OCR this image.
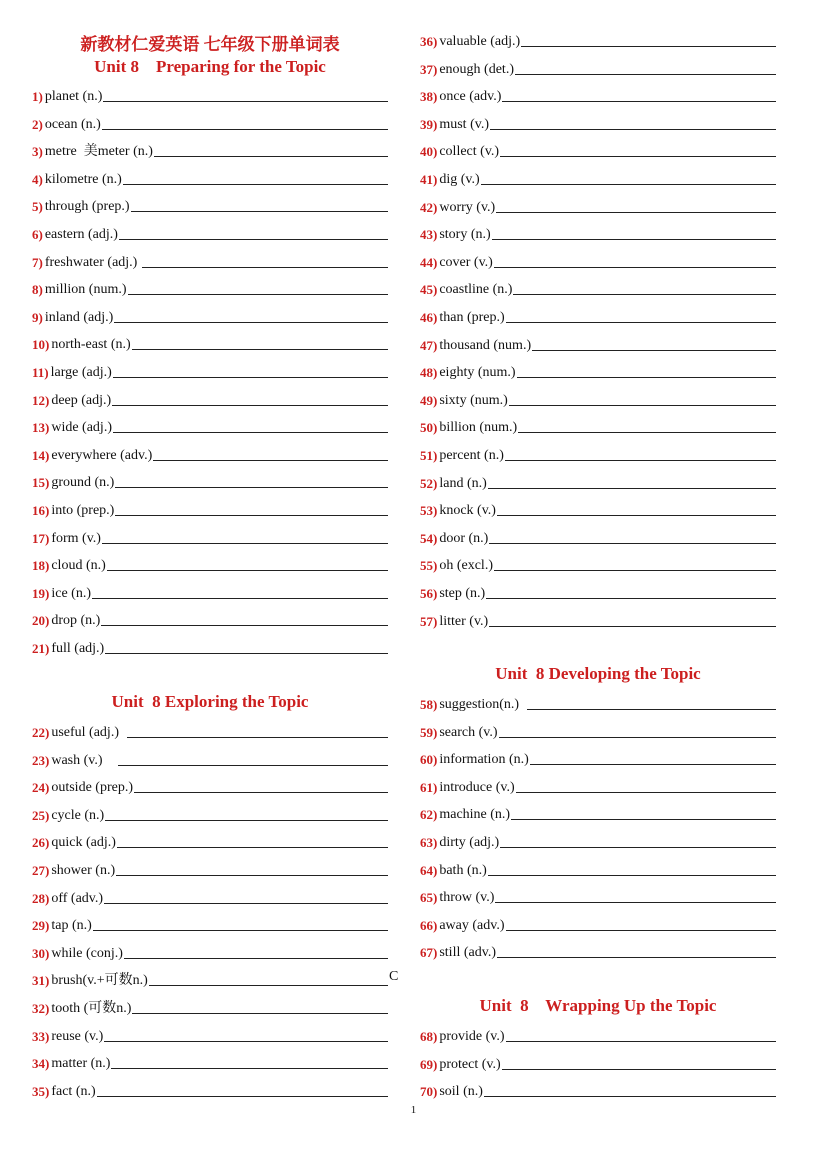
新教材仁爱英语 七年级下册单词表
Unit 8    Preparing for the Topic
Unit  8 Exploring the Topic
1) planet (n.)
2) ocean (n.)
3) metre  美meter (n.)
4) kilometre (n.)
5) through (prep.)
6) eastern (adj.)
7) freshwater (adj.)
8) million (num.)
9) inland (adj.)
10) north-east (n.)
11) large (adj.)
12) deep (adj.)
13) wide (adj.)
14) everywhere (adv.)
15) ground (n.)
16) into (prep.)
17) form (v.)
18) cloud (n.)
19) ice (n.)
20) drop (n.)
21) full (adj.)
22) useful (adj.)
23) wash (v.)
24) outside (prep.)
25) cycle (n.)
26) quick (adj.)
27) shower (n.)
28) off (adv.)
29) tap (n.)
30) while (conj.)
31) brush(v.+可数n.)
32) tooth (可数n.)
33) reuse (v.)
34) matter (n.)
35) fact (n.)
Unit  8 Developing the Topic
Unit  8    Wrapping Up the Topic
36) valuable (adj.)
37) enough (det.)
38) once (adv.)
39) must (v.)
40) collect (v.)
41) dig (v.)
42) worry (v.)
43) story (n.)
44) cover (v.)
45) coastline (n.)
46) than (prep.)
47) thousand (num.)
48) eighty (num.)
49) sixty (num.)
50) billion (num.)
51) percent (n.)
52) land (n.)
53) knock (v.)
54) door (n.)
55) oh (excl.)
56) step (n.)
57) litter (v.)
58) suggestion(n.)
59) search (v.)
60) information (n.)
61) introduce (v.)
62) machine (n.)
63) dirty (adj.)
64) bath (n.)
65) throw (v.)
66) away (adv.)
67) still (adv.)
68) provide (v.)
69) protect (v.)
70) soil (n.)
C
1
